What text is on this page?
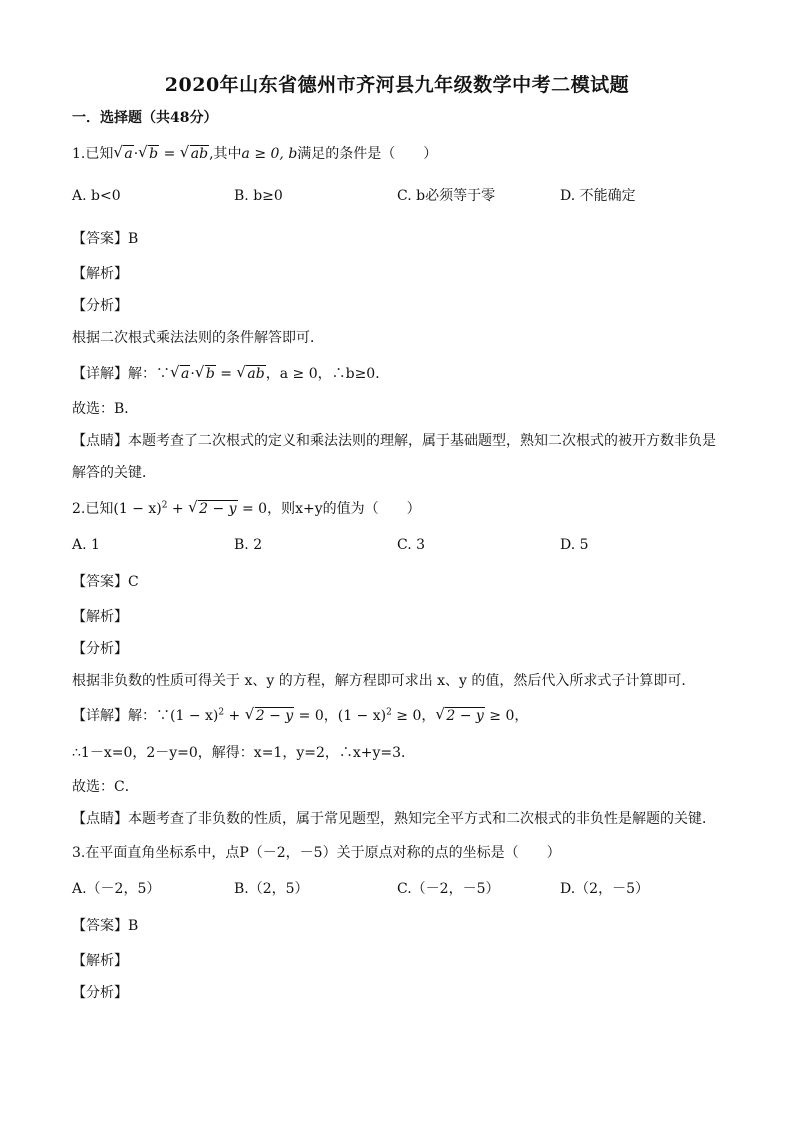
2020年山东省德州市齐河县九年级数学中考二模试题
一．选择题（共48分）
1.已知 √ a· √ b = √ ab,其中a ≥ 0, b满足的条件是（　　）
A. b<0	B. b≥0	C. b必须等于零	D. 不能确定
【答案】B
【解析】
【分析】
根据二次根式乘法法则的条件解答即可．
【详解】解：∵ √ a· √ b = √ ab，a ≥ 0，∴b≥0．
故选：B．
【点睛】本题考查了二次根式的定义和乘法法则的理解，属于基础题型，熟知二次根式的被开方数非负是
解答的关键．
2.已知$(1 - x)^2$ + √ 2 − y = 0，则x+y的值为（　　）
A. 1	B. 2	C. 3	D. 5
【答案】C
【解析】
【分析】
根据非负数的性质可得关于 x、y 的方程，解方程即可求出 x、y 的值，然后代入所求式子计算即可．
【详解】解：∵(1 − x)$^2$ + √ 2 − y = 0，$(1 - x)^2 \ge 0$， √ 2 − y ≥ 0，
∴1－x=0，2－y=0，解得：x=1，y=2，∴x+y=3．
故选：C．
【点睛】本题考查了非负数的性质，属于常见题型，熟知完全平方式和二次根式的非负性是解题的关键．
3.在平面直角坐标系中，点P（－2，－5）关于原点对称的点的坐标是（　　）
A.（－2，5）	B.（2，5）	C.（－2，－5）	D.（2，－5）
【答案】B
【解析】
【分析】
